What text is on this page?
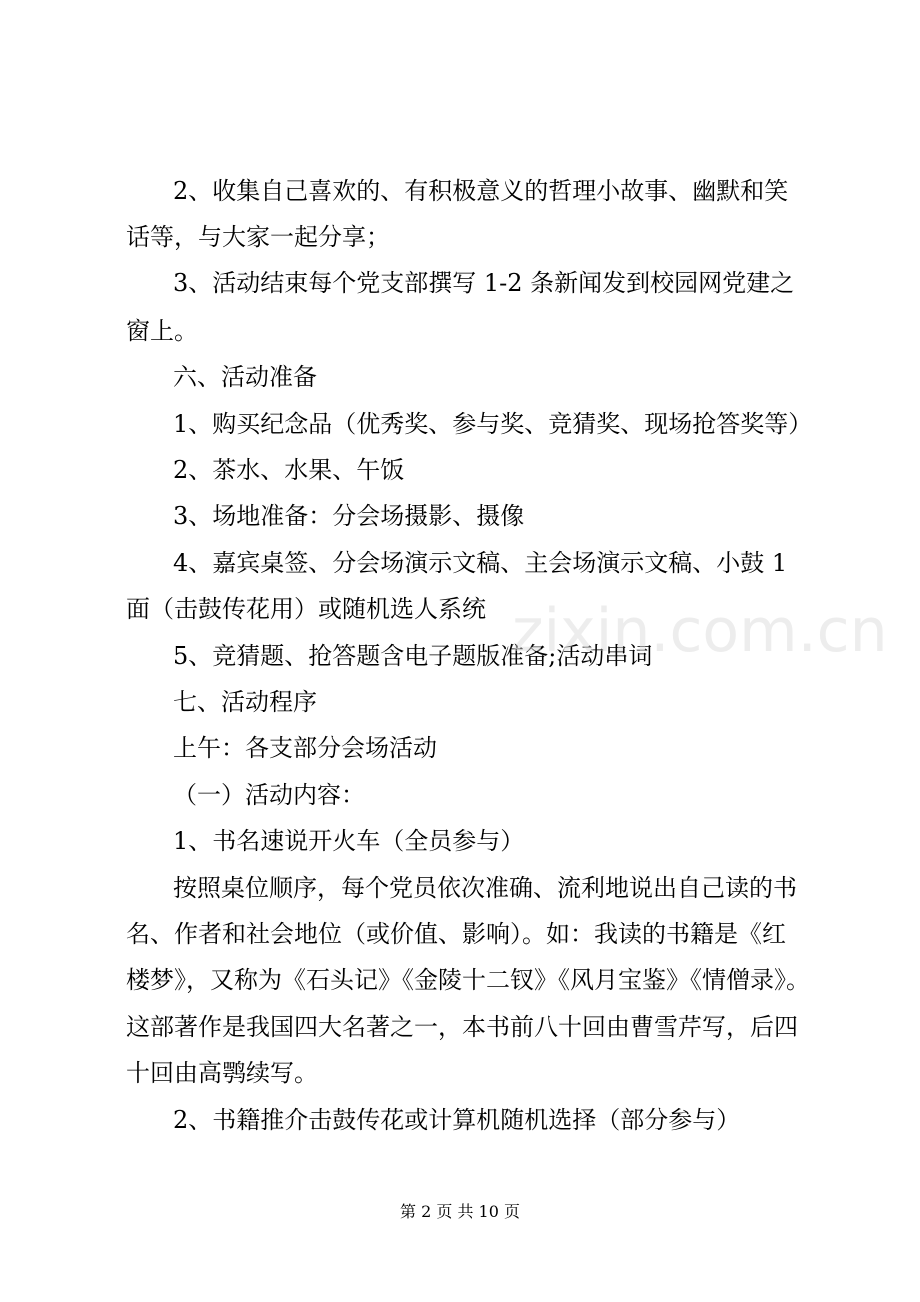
2、收集自己喜欢的、有积极意义的哲理小故事、幽默和笑
话等，与大家一起分享；
3、活动结束每个党支部撰写 1-2 条新闻发到校园网党建之
窗上。
六、活动准备
1、购买纪念品（优秀奖、参与奖、竞猜奖、现场抢答奖等）
2、茶水、水果、午饭
3、场地准备：分会场摄影、摄像
4、嘉宾桌签、分会场演示文稿、主会场演示文稿、小鼓 1
面（击鼓传花用）或随机选人系统
5、竞猜题、抢答题含电子题版准备;活动串词
七、活动程序
上午：各支部分会场活动
（一）活动内容：
1、书名速说开火车（全员参与）
按照桌位顺序，每个党员依次准确、流利地说出自己读的书
名、作者和社会地位（或价值、影响）。如：我读的书籍是《红
楼梦》，又称为《石头记》《金陵十二钗》《风月宝鉴》《情僧录》。
这部著作是我国四大名著之一，本书前八十回由曹雪芹写，后四
十回由高鹗续写。
2、书籍推介击鼓传花或计算机随机选择（部分参与）
zixin.com.cn
第 2 页 共 10 页
